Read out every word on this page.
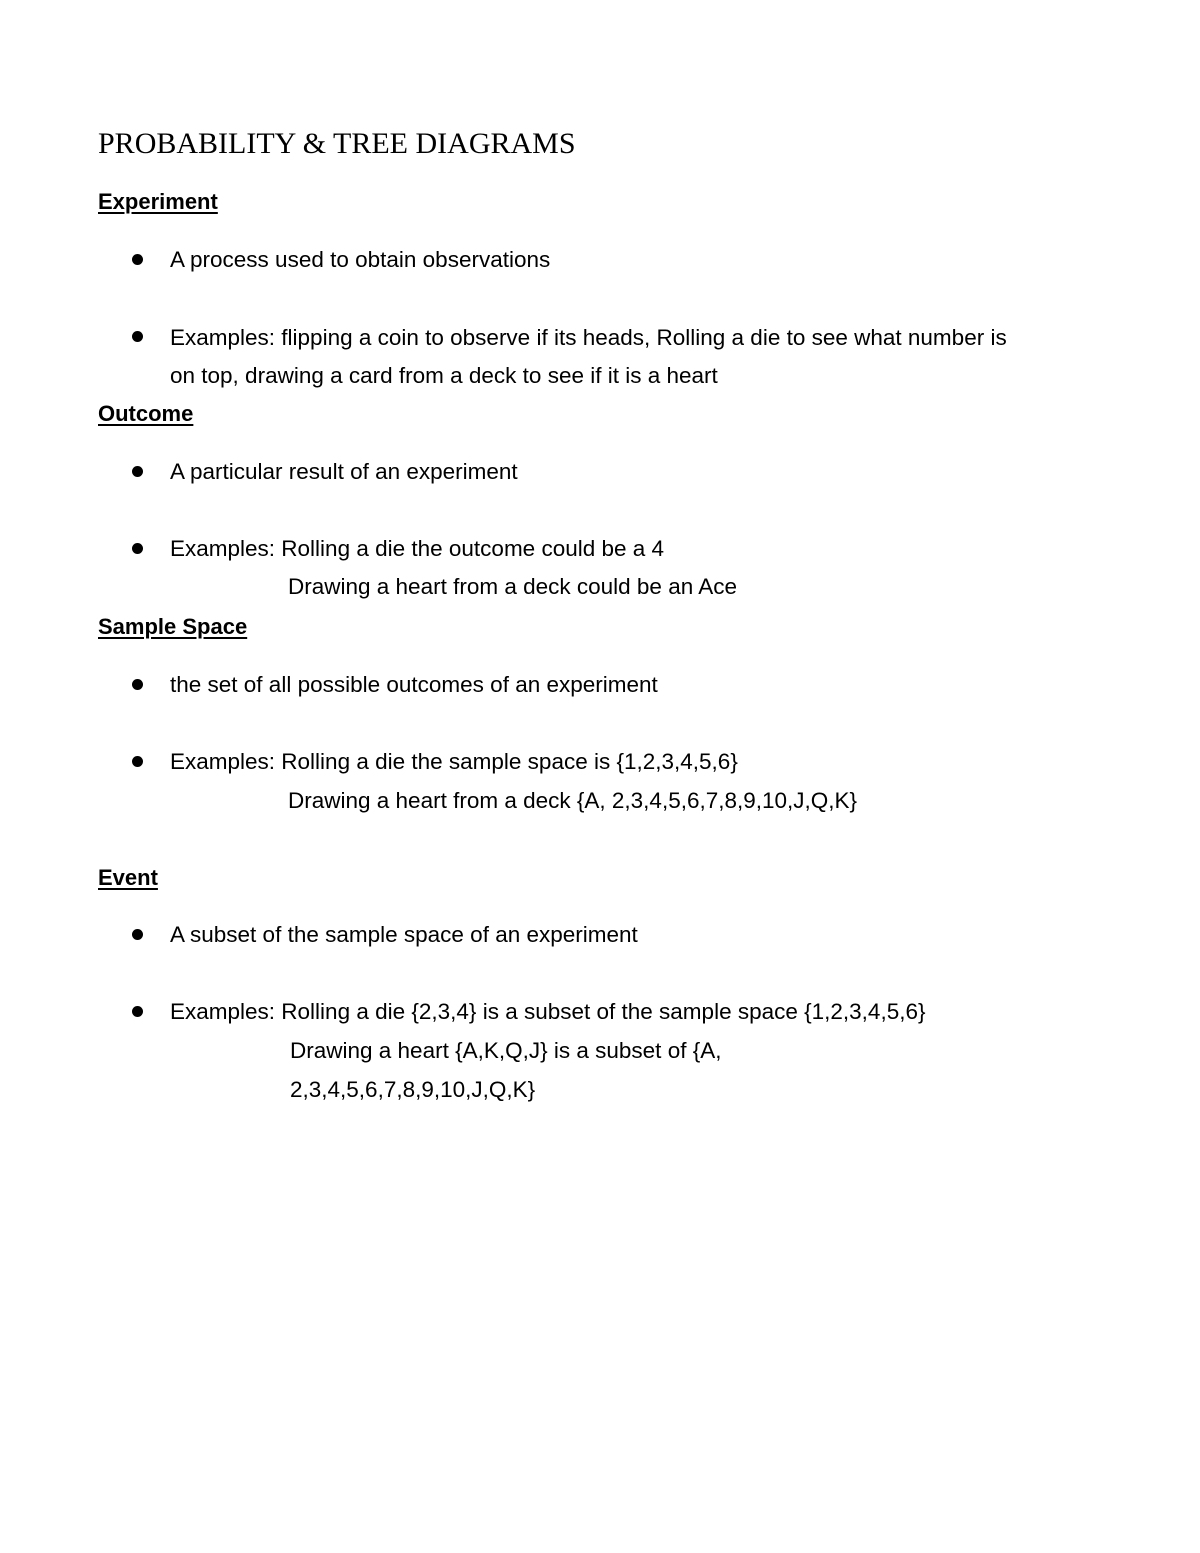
PROBABILITY & TREE DIAGRAMS
Experiment

A process used to obtain observations

Examples: flipping a coin to observe if its heads, Rolling a die to see what number is

on top, drawing a card from a deck to see if it is a heart

Outcome

A particular result of an experiment

Examples: Rolling a die the outcome could be a 4

Drawing a heart from a deck could be an Ace

Sample Space

the set of all possible outcomes of an experiment

Examples: Rolling a die the sample space is {1,2,3,4,5,6}

Drawing a heart from a deck {A, 2,3,4,5,6,7,8,9,10,J,Q,K}

Event

A subset of the sample space of an experiment

Examples: Rolling a die {2,3,4} is a subset of the sample space {1,2,3,4,5,6}

Drawing a heart {A,K,Q,J} is a subset of {A,

2,3,4,5,6,7,8,9,10,J,Q,K}
